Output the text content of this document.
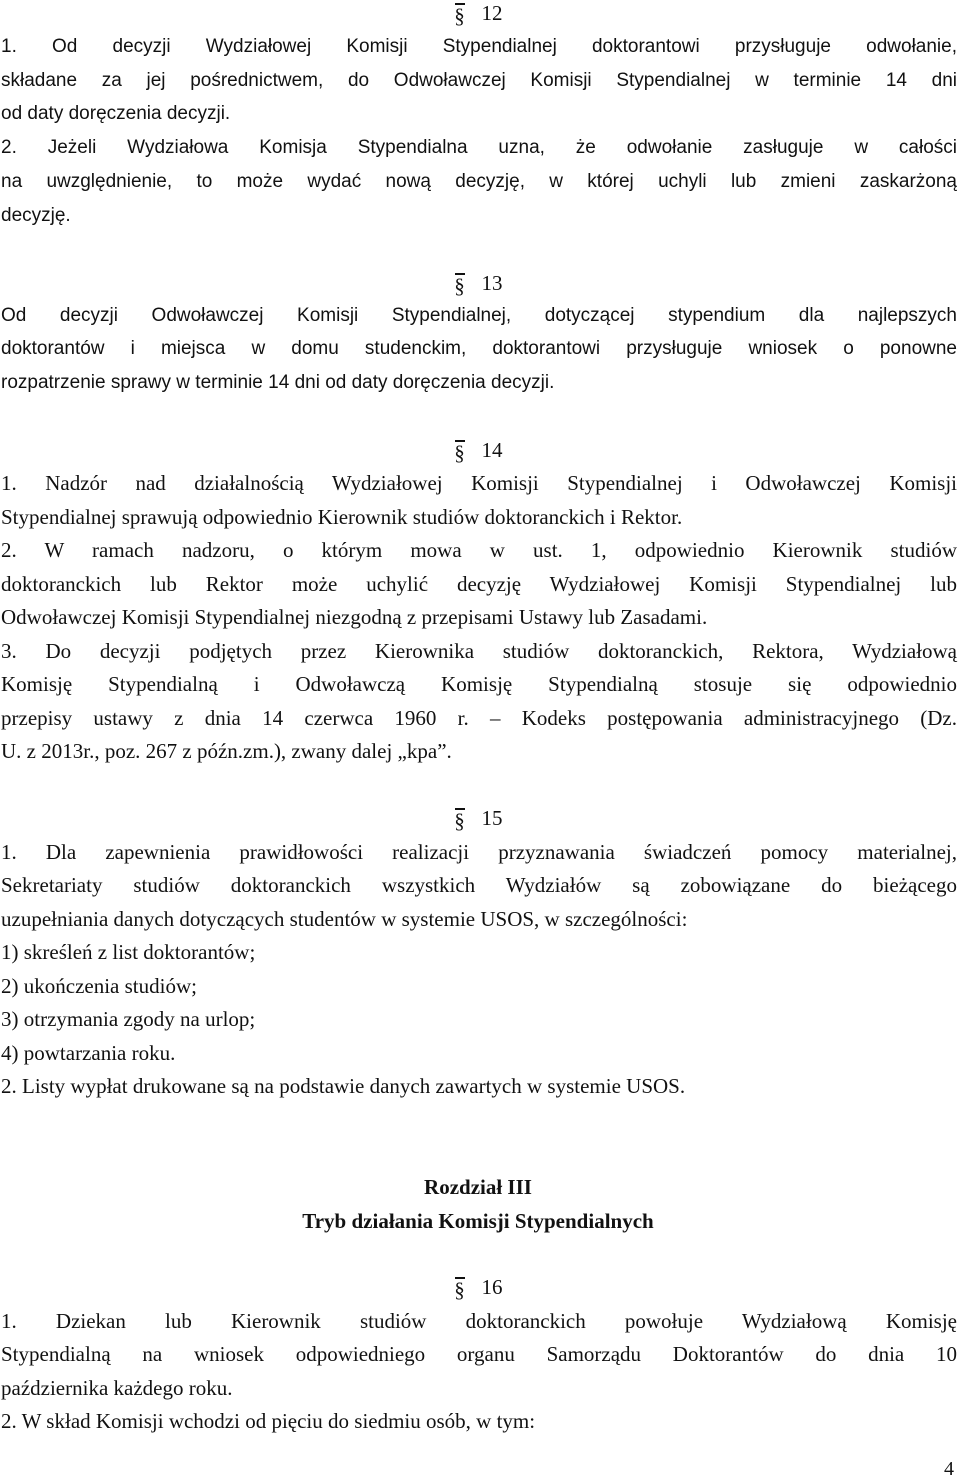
§ 12
1. Od decyzji Wydziałowej Komisji Stypendialnej doktorantowi przysługuje odwołanie,
składane za jej pośrednictwem, do Odwoławczej Komisji Stypendialnej w terminie 14 dni
od daty doręczenia decyzji.
2. Jeżeli Wydziałowa Komisja Stypendialna uzna, że odwołanie zasługuje w całości
na uwzględnienie, to może wydać nową decyzję, w której uchyli lub zmieni zaskarżoną
decyzję.
§ 13
Od decyzji Odwoławczej Komisji Stypendialnej, dotyczącej stypendium dla najlepszych
doktorantów i miejsca w domu studenckim, doktorantowi przysługuje wniosek o ponowne
rozpatrzenie sprawy w terminie 14 dni od daty doręczenia decyzji.
§ 14
1. Nadzór nad działalnością Wydziałowej Komisji Stypendialnej i Odwoławczej Komisji
Stypendialnej sprawują odpowiednio Kierownik studiów doktoranckich i Rektor.
2. W ramach nadzoru, o którym mowa w ust. 1, odpowiednio Kierownik studiów
doktoranckich lub Rektor może uchylić decyzję Wydziałowej Komisji Stypendialnej lub
Odwoławczej Komisji Stypendialnej niezgodną z przepisami Ustawy lub Zasadami.
3. Do decyzji podjętych przez Kierownika studiów doktoranckich, Rektora, Wydziałową
Komisję Stypendialną i Odwoławczą Komisję Stypendialną stosuje się odpowiednio
przepisy ustawy z dnia 14 czerwca 1960 r. – Kodeks postępowania administracyjnego (Dz.
U. z 2013r., poz. 267 z późn.zm.), zwany dalej „kpa”.
§ 15
1. Dla zapewnienia prawidłowości realizacji przyznawania świadczeń pomocy materialnej,
Sekretariaty studiów doktoranckich wszystkich Wydziałów są zobowiązane do bieżącego
uzupełniania danych dotyczących studentów w systemie USOS, w szczególności:
1) skreśleń z list doktorantów;
2) ukończenia studiów;
3) otrzymania zgody na urlop;
4) powtarzania roku.
2. Listy wypłat drukowane są na podstawie danych zawartych w systemie USOS.
Rozdział III
Tryb działania Komisji Stypendialnych
§ 16
1. Dziekan lub Kierownik studiów doktoranckich powołuje Wydziałową Komisję
Stypendialną na wniosek odpowiedniego organu Samorządu Doktorantów do dnia 10
października każdego roku.
2. W skład Komisji wchodzi od pięciu do siedmiu osób, w tym:
4
